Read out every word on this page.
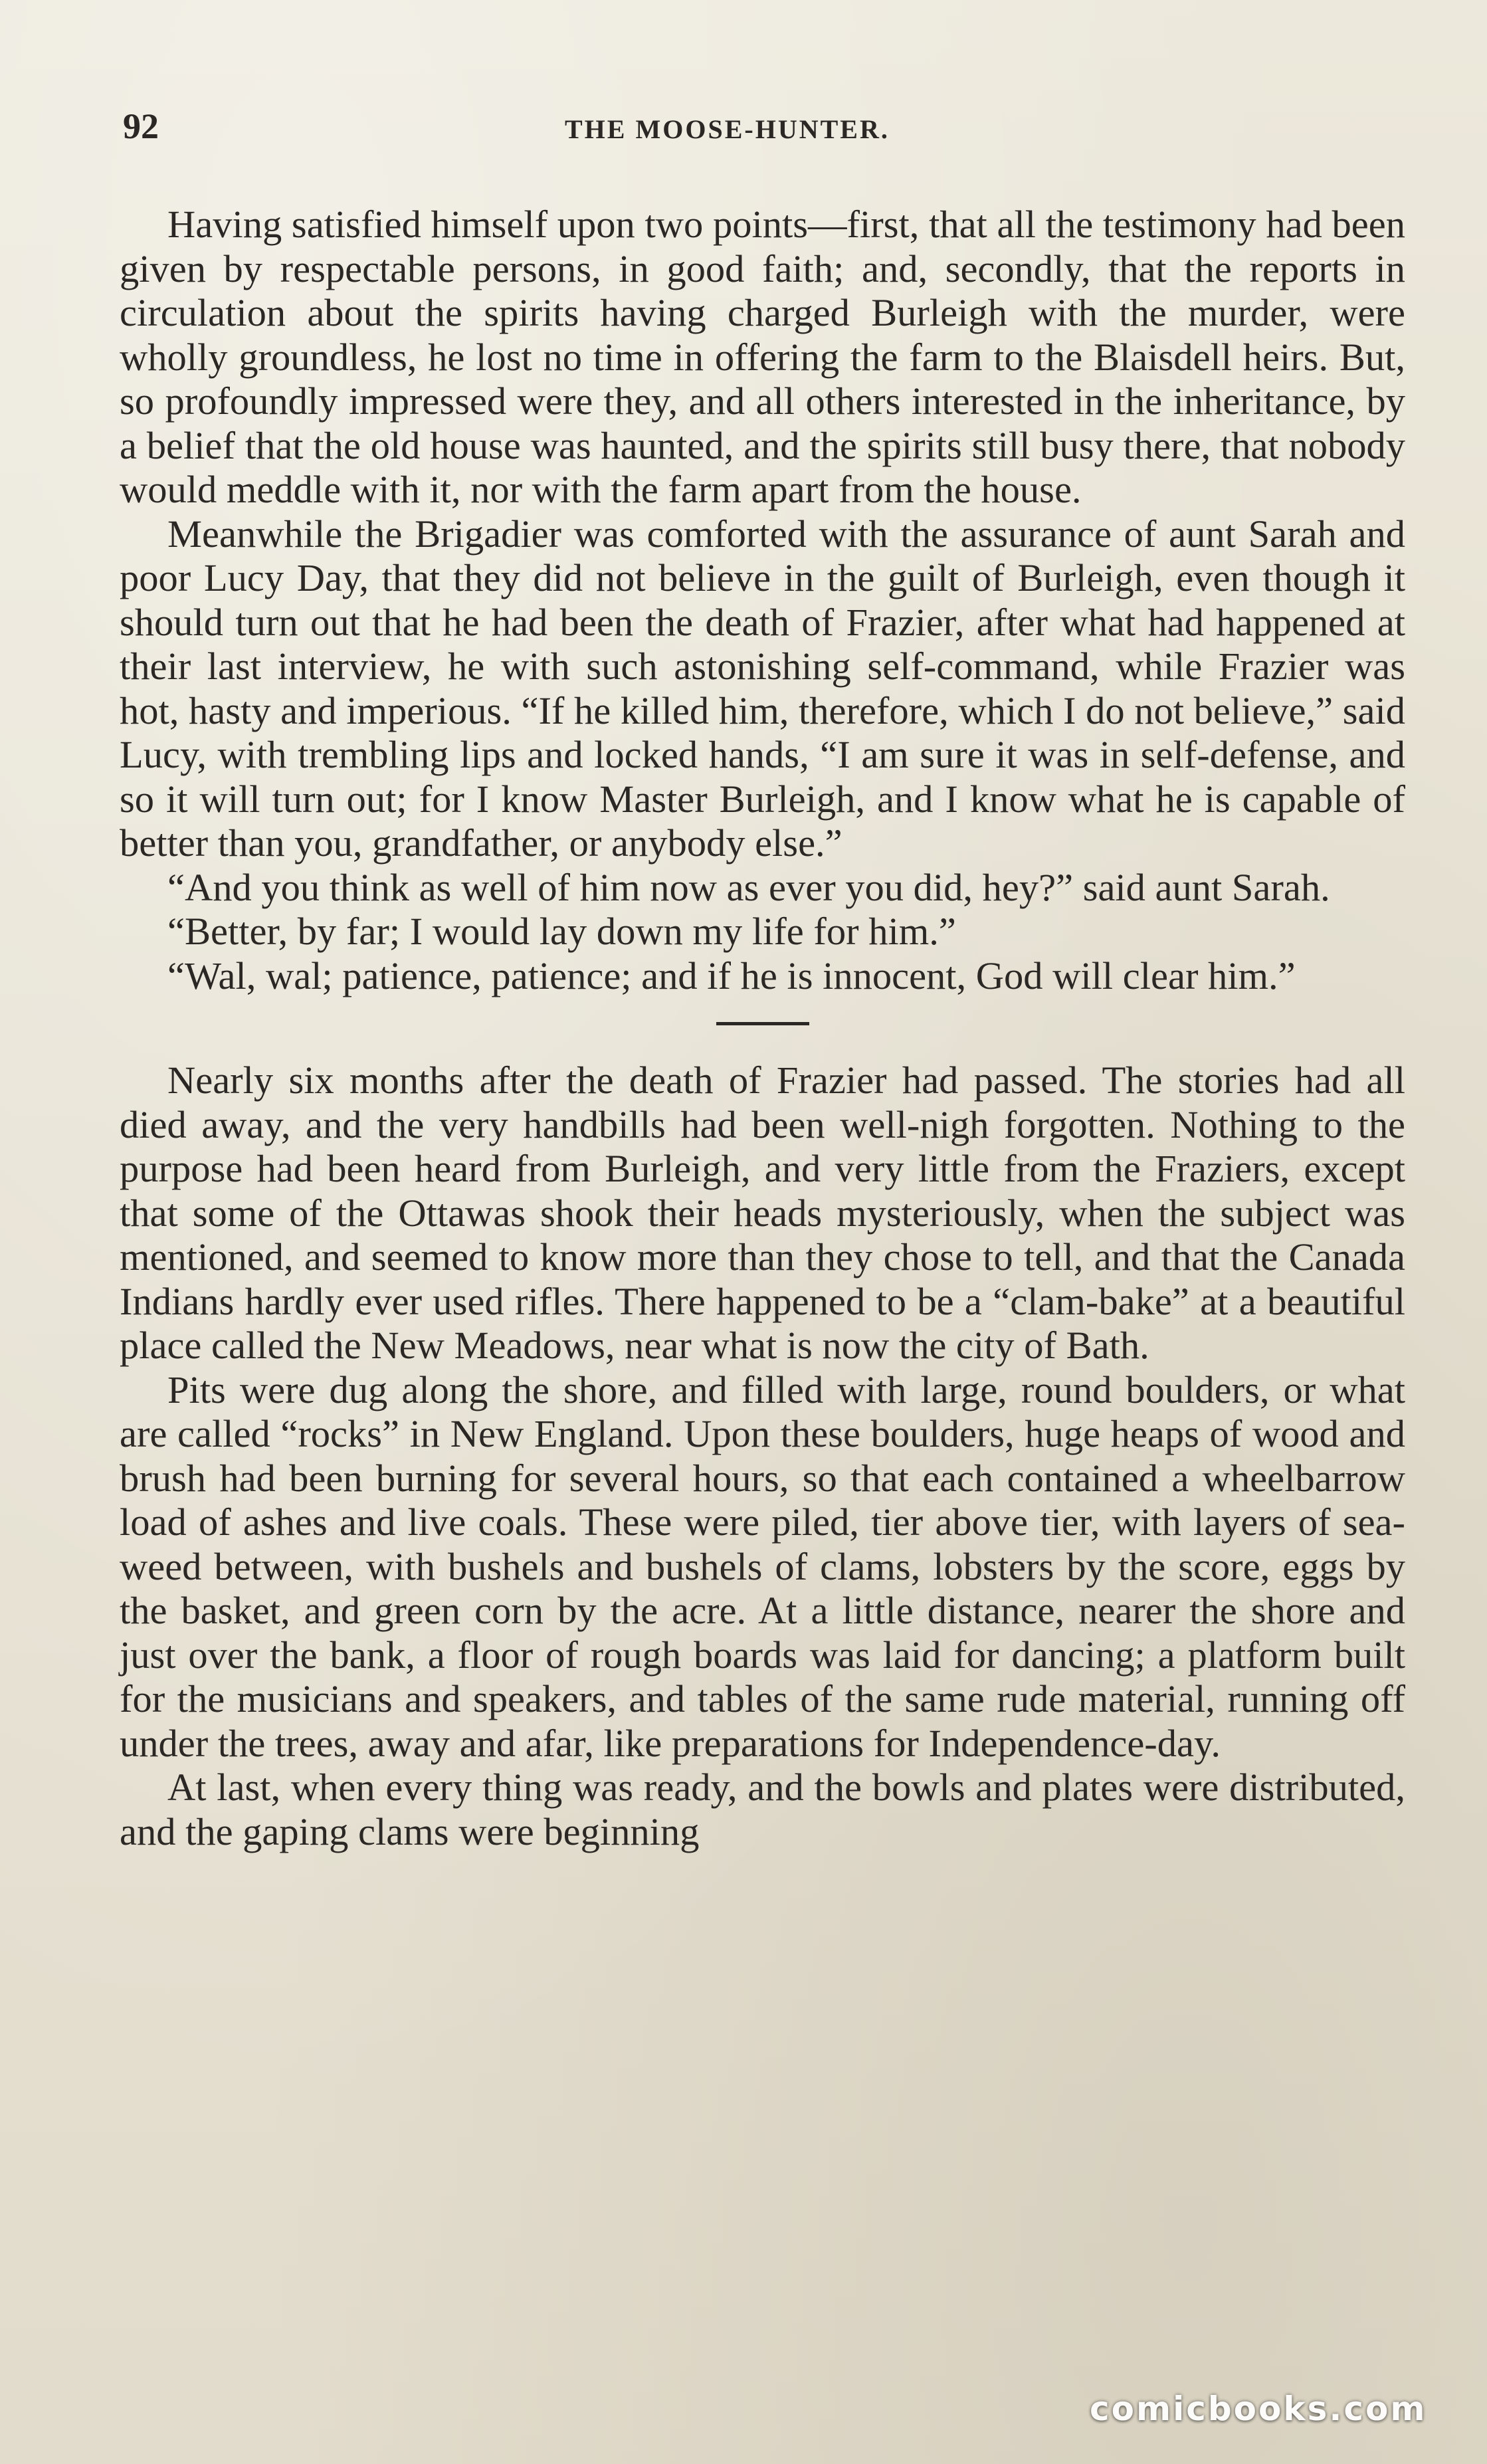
92	THE MOOSE-HUNTER.

Having satisfied himself upon two points—first, that all the testimony had been given by respectable persons, in good faith; and, secondly, that the reports in circulation about the spirits having charged Burleigh with the murder, were wholly groundless, he lost no time in offering the farm to the Blaisdell heirs. But, so profoundly impressed were they, and all others interested in the inheritance, by a belief that the old house was haunted, and the spirits still busy there, that nobody would meddle with it, nor with the farm apart from the house.

Meanwhile the Brigadier was comforted with the assurance of aunt Sarah and poor Lucy Day, that they did not believe in the guilt of Burleigh, even though it should turn out that he had been the death of Frazier, after what had happened at their last interview, he with such astonishing self-command, while Frazier was hot, hasty and imperious. “If he killed him, therefore, which I do not believe,” said Lucy, with trembling lips and locked hands, “I am sure it was in self-defense, and so it will turn out; for I know Master Burleigh, and I know what he is capable of better than you, grandfather, or anybody else.”

“And you think as well of him now as ever you did, hey?” said aunt Sarah.

“Better, by far; I would lay down my life for him.”

“Wal, wal; patience, patience; and if he is innocent, God will clear him.”

Nearly six months after the death of Frazier had passed. The stories had all died away, and the very handbills had been well-nigh forgotten. Nothing to the purpose had been heard from Burleigh, and very little from the Fraziers, except that some of the Ottawas shook their heads mysteriously, when the subject was mentioned, and seemed to know more than they chose to tell, and that the Canada Indians hardly ever used rifles. There happened to be a “clam-bake” at a beautiful place called the New Meadows, near what is now the city of Bath.

Pits were dug along the shore, and filled with large, round boulders, or what are called “rocks” in New England. Upon these boulders, huge heaps of wood and brush had been burning for several hours, so that each contained a wheelbarrow load of ashes and live coals. These were piled, tier above tier, with layers of sea-weed between, with bushels and bushels of clams, lobsters by the score, eggs by the basket, and green corn by the acre. At a little distance, nearer the shore and just over the bank, a floor of rough boards was laid for dancing; a platform built for the musicians and speakers, and tables of the same rude material, running off under the trees, away and afar, like preparations for Independence-day.

At last, when every thing was ready, and the bowls and plates were distributed, and the gaping clams were beginning

comicbooks.com
